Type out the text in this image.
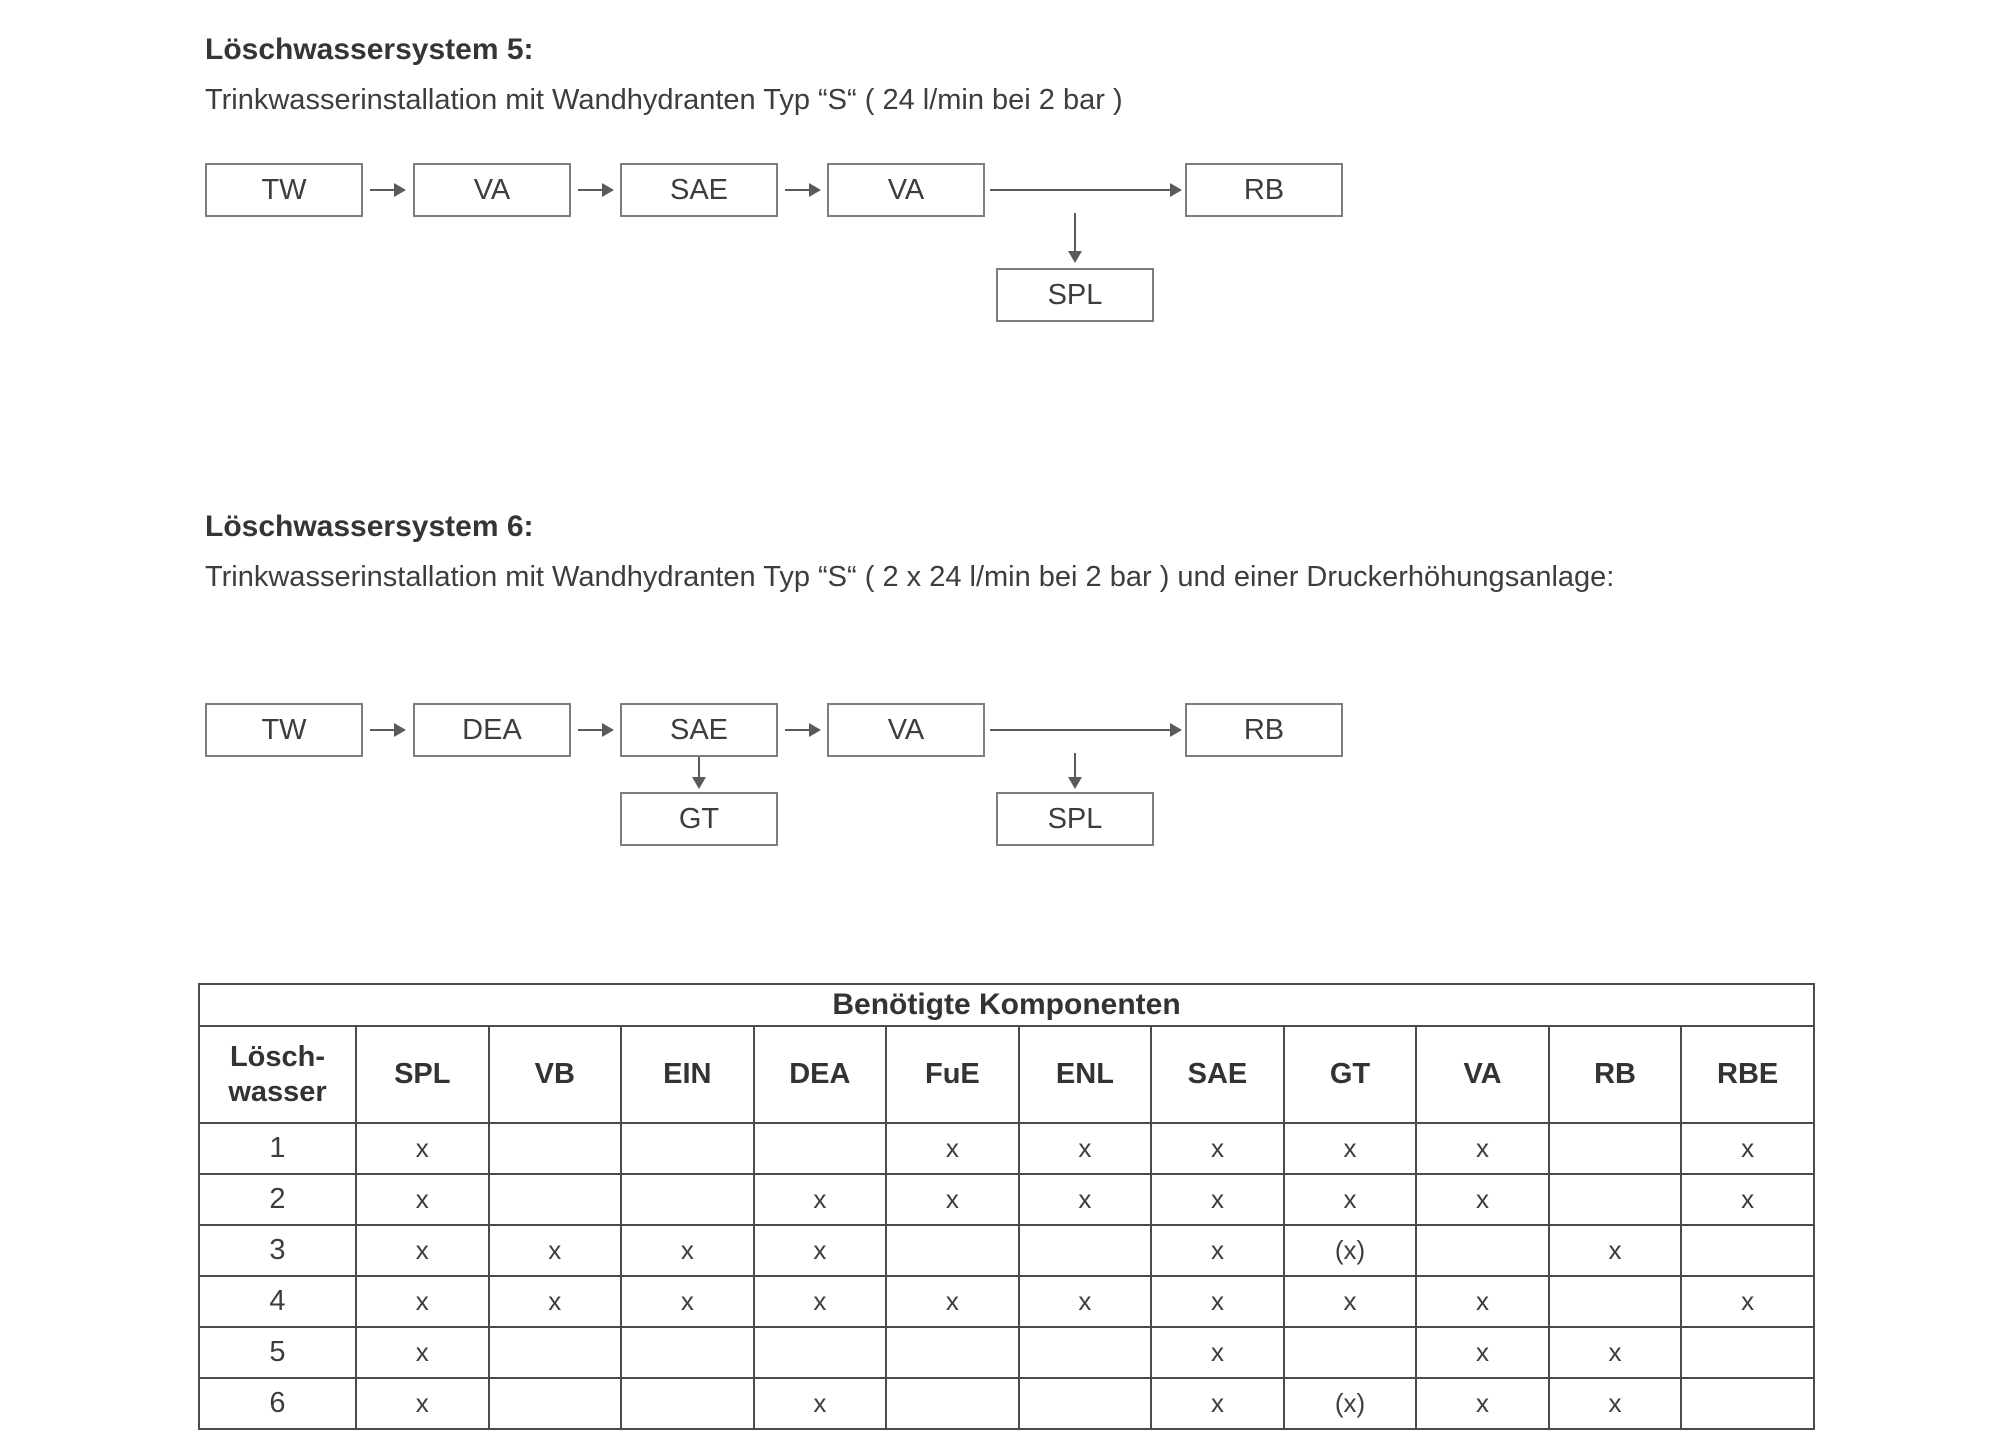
Löschwassersystem 5:
Trinkwasserinstallation mit Wandhydranten Typ “S“ ( 24 l/min bei 2 bar )
TW	VA	SAE	VA	RB
SPL
Löschwassersystem 6:
Trinkwasserinstallation mit Wandhydranten Typ “S“ ( 2 x 24 l/min bei 2 bar ) und einer Druckerhöhungsanlage:
TW	DEA	SAE	VA	RB
GT	SPL
Benötigte Komponenten											

Lösch-
wasser	SPL	VB	EIN	DEA	FuE	ENL	SAE	GT	VA	RB	RBE
1	x				x	x	x	x	x		x
2	x			x	x	x	x	x	x		x
3	x	x	x	x			x	(x)		x	
4	x	x	x	x	x	x	x	x	x		x
5	x						x		x	x	
6	x			x			x	(x)	x	x	
